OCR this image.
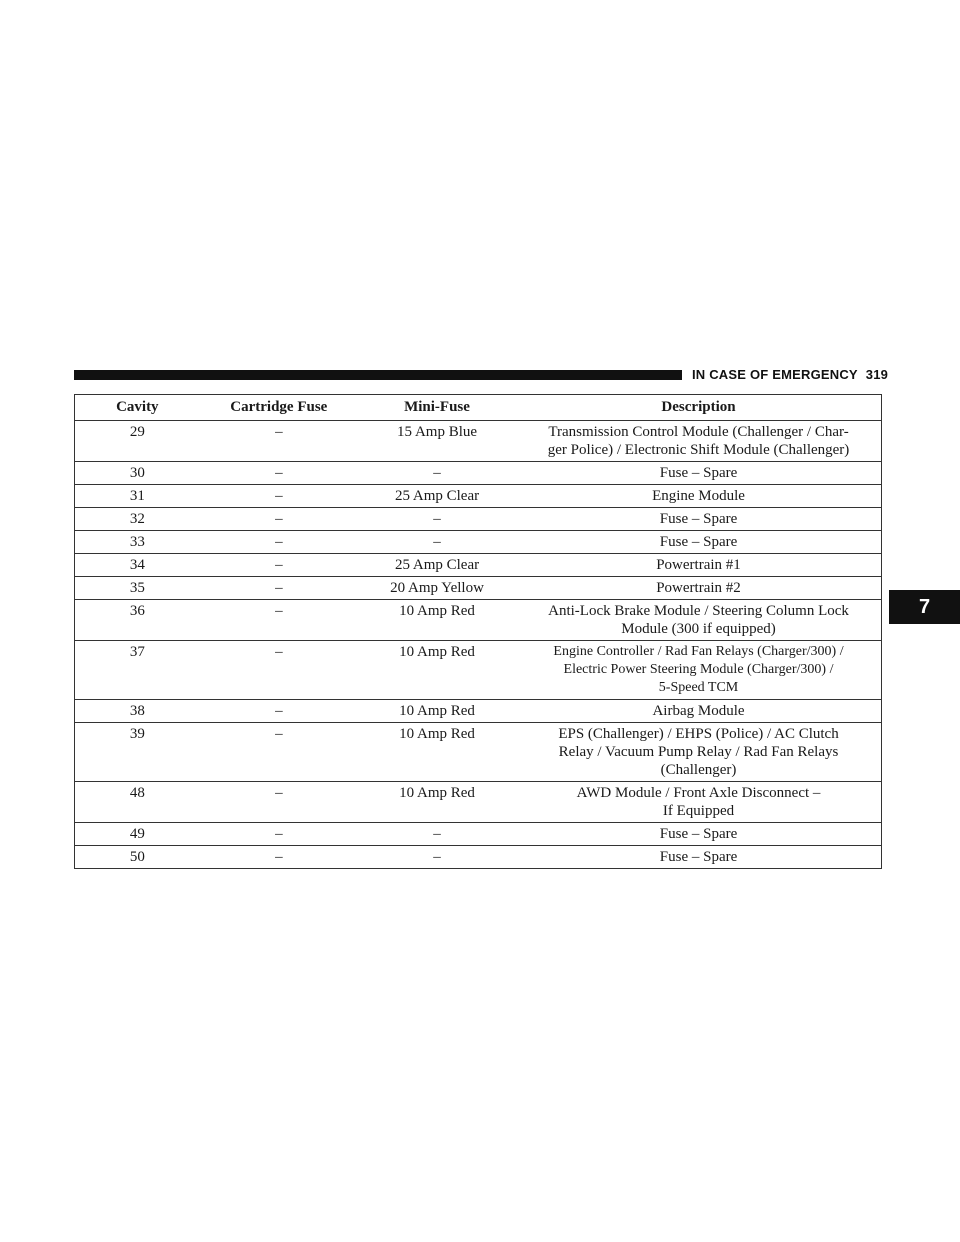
IN CASE OF EMERGENCY 319
7
Cavity	Cartridge Fuse	Mini-Fuse	Description
29	–	15 Amp Blue	Transmission Control Module (Challenger / Char-
ger Police) / Electronic Shift Module (Challenger)
30	–	–	Fuse – Spare
31	–	25 Amp Clear	Engine Module
32	–	–	Fuse – Spare
33	–	–	Fuse – Spare
34	–	25 Amp Clear	Powertrain #1
35	–	20 Amp Yellow	Powertrain #2
36	–	10 Amp Red	Anti-Lock Brake Module / Steering Column Lock
Module (300 if equipped)
37	–	10 Amp Red	Engine Controller / Rad Fan Relays (Charger/300) /
Electric Power Steering Module (Charger/300) /
5-Speed TCM
38	–	10 Amp Red	Airbag Module
39	–	10 Amp Red	EPS (Challenger) / EHPS (Police) / AC Clutch
Relay / Vacuum Pump Relay / Rad Fan Relays
(Challenger)
48	–	10 Amp Red	AWD Module / Front Axle Disconnect –
If Equipped
49	–	–	Fuse – Spare
50	–	–	Fuse – Spare
